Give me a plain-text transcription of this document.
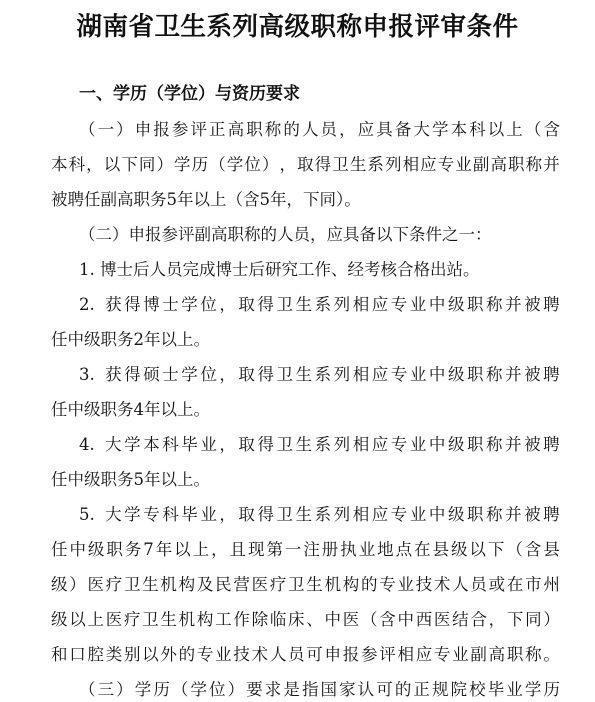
湖南省卫生系列高级职称申报评审条件
一、学历（学位）与资历要求
（ 一 ） 申 报 参 评 正 高 职 称 的 人 员 ， 应 具 备 大 学 本 科 以 上 （ 含
本 科 ， 以 下 同 ） 学 历 （ 学 位 ） ， 取 得 卫 生 系 列 相 应 专 业 副 高 职 称 并
被聘任副高职务5年以上（含5年，下同）。
（二）申报参评副高职称的人员，应具备以下条件之一：
1. 博士后人员完成博士后研究工作、经考核合格出站。
2.
获 得 博 士 学 位 ， 取 得 卫 生 系 列 相 应 专 业 中 级 职 称 并 被 聘
任中级职务2年以上。
3.
获 得 硕 士 学 位 ， 取 得 卫 生 系 列 相 应 专 业 中 级 职 称 并 被 聘
任中级职务4年以上。
4.
大 学 本 科 毕 业 ， 取 得 卫 生 系 列 相 应 专 业 中 级 职 称 并 被 聘
任中级职务5年以上。
5.
大 学 专 科 毕 业 ， 取 得 卫 生 系 列 相 应 专 业 中 级 职 称 并 被 聘
任 中 级 职 务 7 年 以 上 ， 且 现 第 一 注 册 执 业 地 点 在 县 级 以 下 （ 含 县
级 ） 医 疗 卫 生 机 构 及 民 营 医 疗 卫 生 机 构 的 专 业 技 术 人 员 或 在 市 州
级 以 上 医 疗 卫 生 机 构 工 作 除 临 床 、 中 医 （ 含 中 西 医 结 合 ， 下 同 ）
和 口 腔 类 别 以 外 的 专 业 技 术 人 员 可 申 报 参 评 相 应 专 业 副 高 职 称 。
（ 三 ） 学 历 （ 学 位 ） 要 求 是 指 国 家 认 可 的 正 规 院 校 毕 业 学 历
